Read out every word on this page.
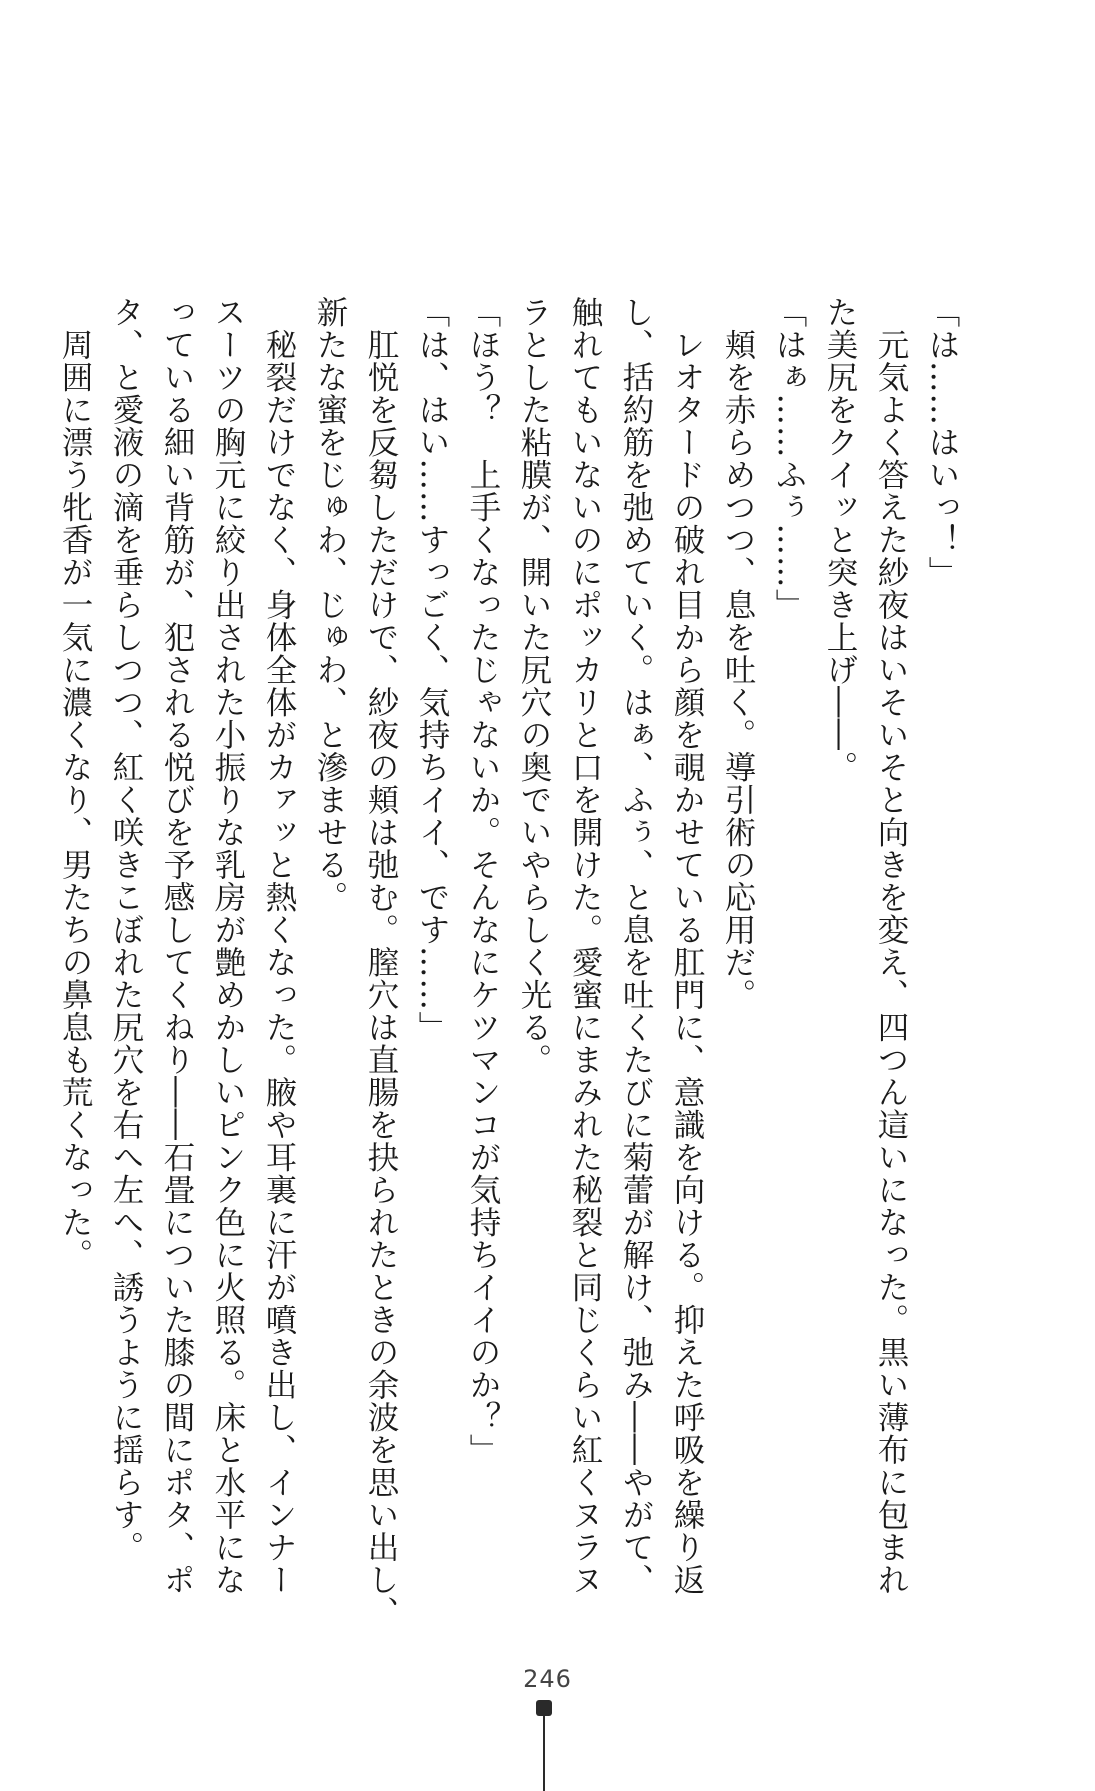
「は……はいっ！」
　元気よく答えた紗夜はいそいそと向きを変え、四つん這いになった。黒い薄布に包まれ
た美尻をクイッと突き上げ――。
「はぁ……ふぅ……」
　頬を赤らめつつ、息を吐く。導引術の応用だ。
　レオタードの破れ目から顔を覗かせている肛門に、意識を向ける。抑えた呼吸を繰り返
し、括約筋を弛めていく。はぁ、ふぅ、と息を吐くたびに菊蕾が解け、弛み――やがて、
触れてもいないのにポッカリと口を開けた。愛蜜にまみれた秘裂と同じくらい紅くヌラヌ
ラとした粘膜が、開いた尻穴の奥でいやらしく光る。
「ほう？　上手くなったじゃないか。そんなにケツマンコが気持ちイイのか？」
「は、はい……すっごく、気持ちイイ、です……」
　肛悦を反芻しただけで、紗夜の頬は弛む。膣穴は直腸を抉られたときの余波を思い出し、
新たな蜜をじゅわ、じゅわ、と滲ませる。
　秘裂だけでなく、身体全体がカァッと熱くなった。腋や耳裏に汗が噴き出し、インナー
スーツの胸元に絞り出された小振りな乳房が艶めかしいピンク色に火照る。床と水平にな
っている細い背筋が、犯される悦びを予感してくねり――石畳についた膝の間にポタ、ポ
タ、と愛液の滴を垂らしつつ、紅く咲きこぼれた尻穴を右へ左へ、誘うように揺らす。
　周囲に漂う牝香が一気に濃くなり、男たちの鼻息も荒くなった。
246
